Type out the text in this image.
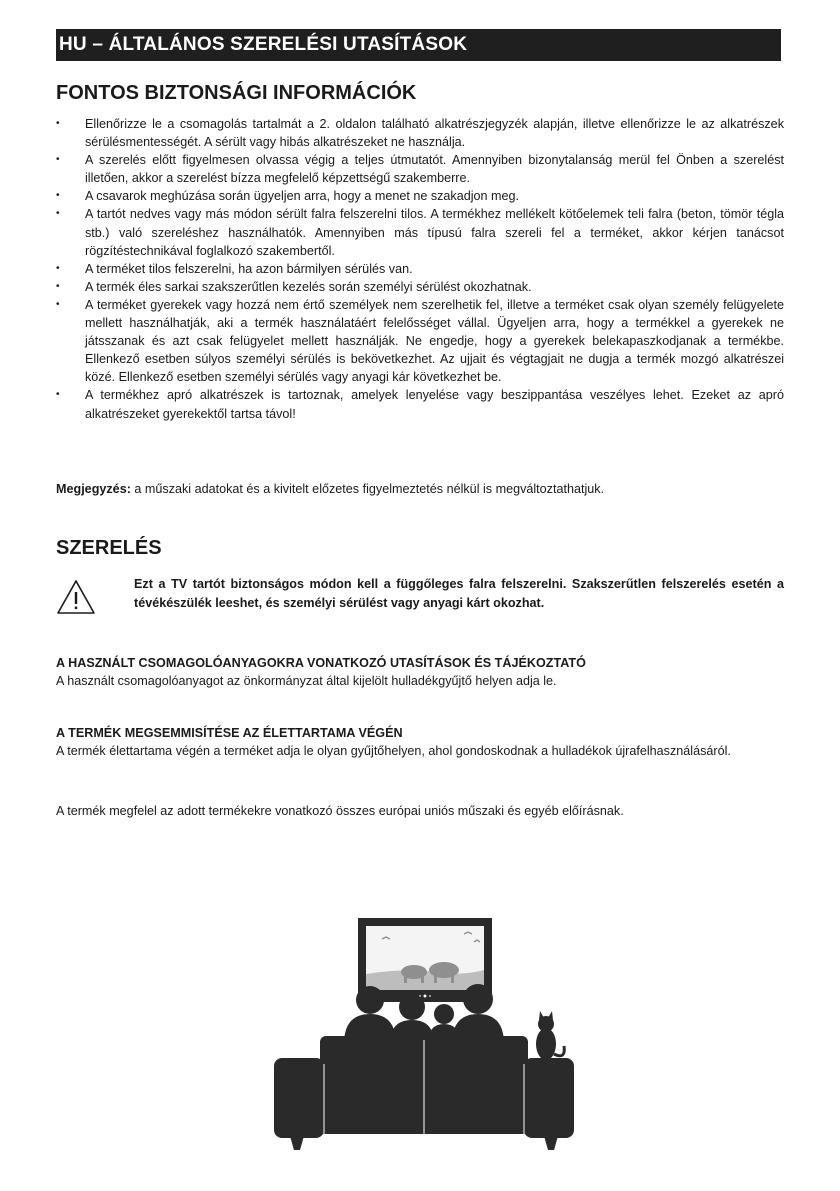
HU – ÁLTALÁNOS SZERELÉSI UTASÍTÁSOK
FONTOS BIZTONSÁGI INFORMÁCIÓK
• Ellenőrizze le a csomagolás tartalmát a 2. oldalon található alkatrészjegyzék alapján, illetve ellenőrizze le az alkatrészek sérülésmentességét. A sérült vagy hibás alkatrészeket ne használja.
• A szerelés előtt figyelmesen olvassa végig a teljes útmutatót. Amennyiben bizonytalanság merül fel Önben a szerelést illetően, akkor a szerelést bízza megfelelő képzettségű szakemberre.
• A csavarok meghúzása során ügyeljen arra, hogy a menet ne szakadjon meg.
• A tartót nedves vagy más módon sérült falra felszerelni tilos. A termékhez mellékelt kötőelemek teli falra (beton, tömör tégla stb.) való szereléshez használhatók. Amennyiben más típusú falra szereli fel a terméket, akkor kérjen tanácsot rögzítéstechnikával foglalkozó szakembertől.
• A terméket tilos felszerelni, ha azon bármilyen sérülés van.
• A termék éles sarkai szakszerűtlen kezelés során személyi sérülést okozhatnak.
• A terméket gyerekek vagy hozzá nem értő személyek nem szerelhetik fel, illetve a terméket csak olyan személy felügyelete mellett használhatják, aki a termék használatáért felelősséget vállal. Ügyeljen arra, hogy a termékkel a gyerekek ne játsszanak és azt csak felügyelet mellett használják. Ne engedje, hogy a gyerekek belekapaszkodjanak a termékbe. Ellenkező esetben súlyos személyi sérülés is bekövetkezhet. Az ujjait és végtagjait ne dugja a termék mozgó alkatrészei közé. Ellenkező esetben személyi sérülés vagy anyagi kár következhet be.
• A termékhez apró alkatrészek is tartoznak, amelyek lenyelése vagy beszippantása veszélyes lehet. Ezeket az apró alkatrészeket gyerekektől tartsa távol!
Megjegyzés: a műszaki adatokat és a kivitelt előzetes figyelmeztetés nélkül is megváltoztathatjuk.
SZERELÉS
Ezt a TV tartót biztonságos módon kell a függőleges falra felszerelni. Szakszerűtlen felszerelés esetén a tévékészülék leeshet, és személyi sérülést vagy anyagi kárt okozhat.
A HASZNÁLT CSOMAGOLÓANYAGOKRA VONATKOZÓ UTASÍTÁSOK ÉS TÁJÉKOZTATÓ
A használt csomagolóanyagot az önkormányzat által kijelölt hulladékgyűjtő helyen adja le.
A TERMÉK MEGSEMMISÍTÉSE AZ ÉLETTARTAMA VÉGÉN
A termék élettartama végén a terméket adja le olyan gyűjtőhelyen, ahol gondoskodnak a hulladékok újrafelhasználásáról.
A termék megfelel az adott termékekre vonatkozó összes európai uniós műszaki és egyéb előírásnak.
